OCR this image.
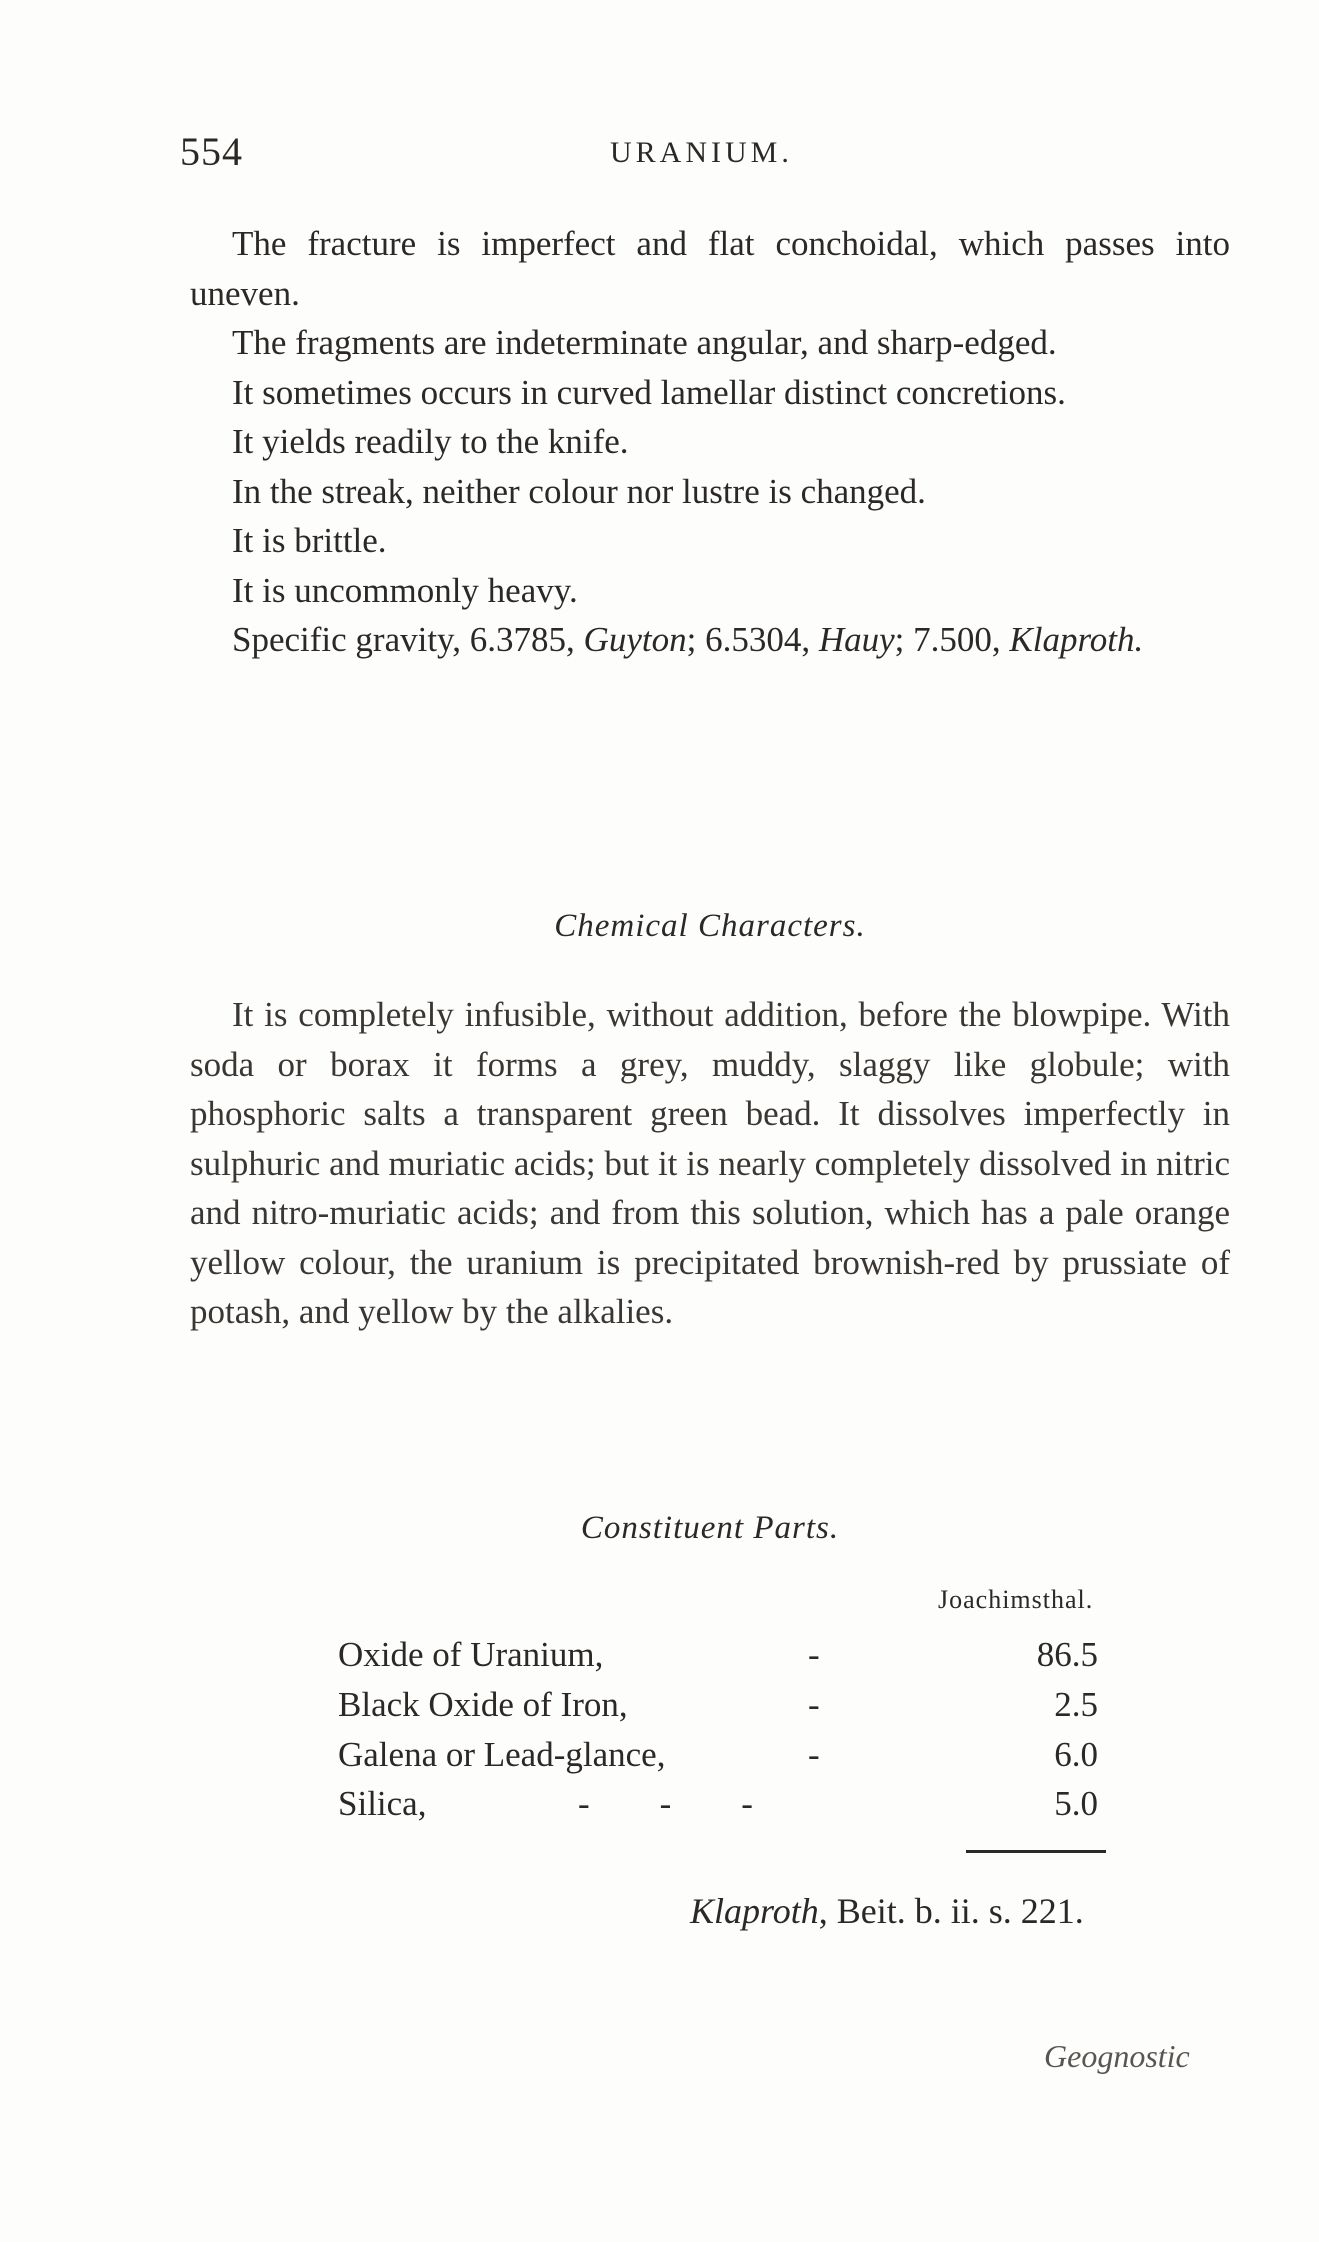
554	URANIUM.

The fracture is imperfect and flat conchoidal, which passes into uneven.

The fragments are indeterminate angular, and sharp-edged.

It sometimes occurs in curved lamellar distinct concretions.

It yields readily to the knife.

In the streak, neither colour nor lustre is changed.

It is brittle.

It is uncommonly heavy.

Specific gravity, 6.3785, Guyton; 6.5304, Hauy; 7.500, Klaproth.

Chemical Characters.

It is completely infusible, without addition, before the blowpipe. With soda or borax it forms a grey, muddy, slaggy like globule; with phosphoric salts a transparent green bead. It dissolves imperfectly in sulphuric and muriatic acids; but it is nearly completely dissolved in nitric and nitro-muriatic acids; and from this solution, which has a pale orange yellow colour, the uranium is precipitated brownish-red by prussiate of potash, and yellow by the alkalies.

Constituent Parts.
Joachimsthal.
Oxide of Uranium,	-	86.5
Black Oxide of Iron,	-	2.5
Galena or Lead-glance,	-	6.0
Silica,	-        -        -	5.0
Klaproth, Beit. b. ii. s. 221.
Geognostic
